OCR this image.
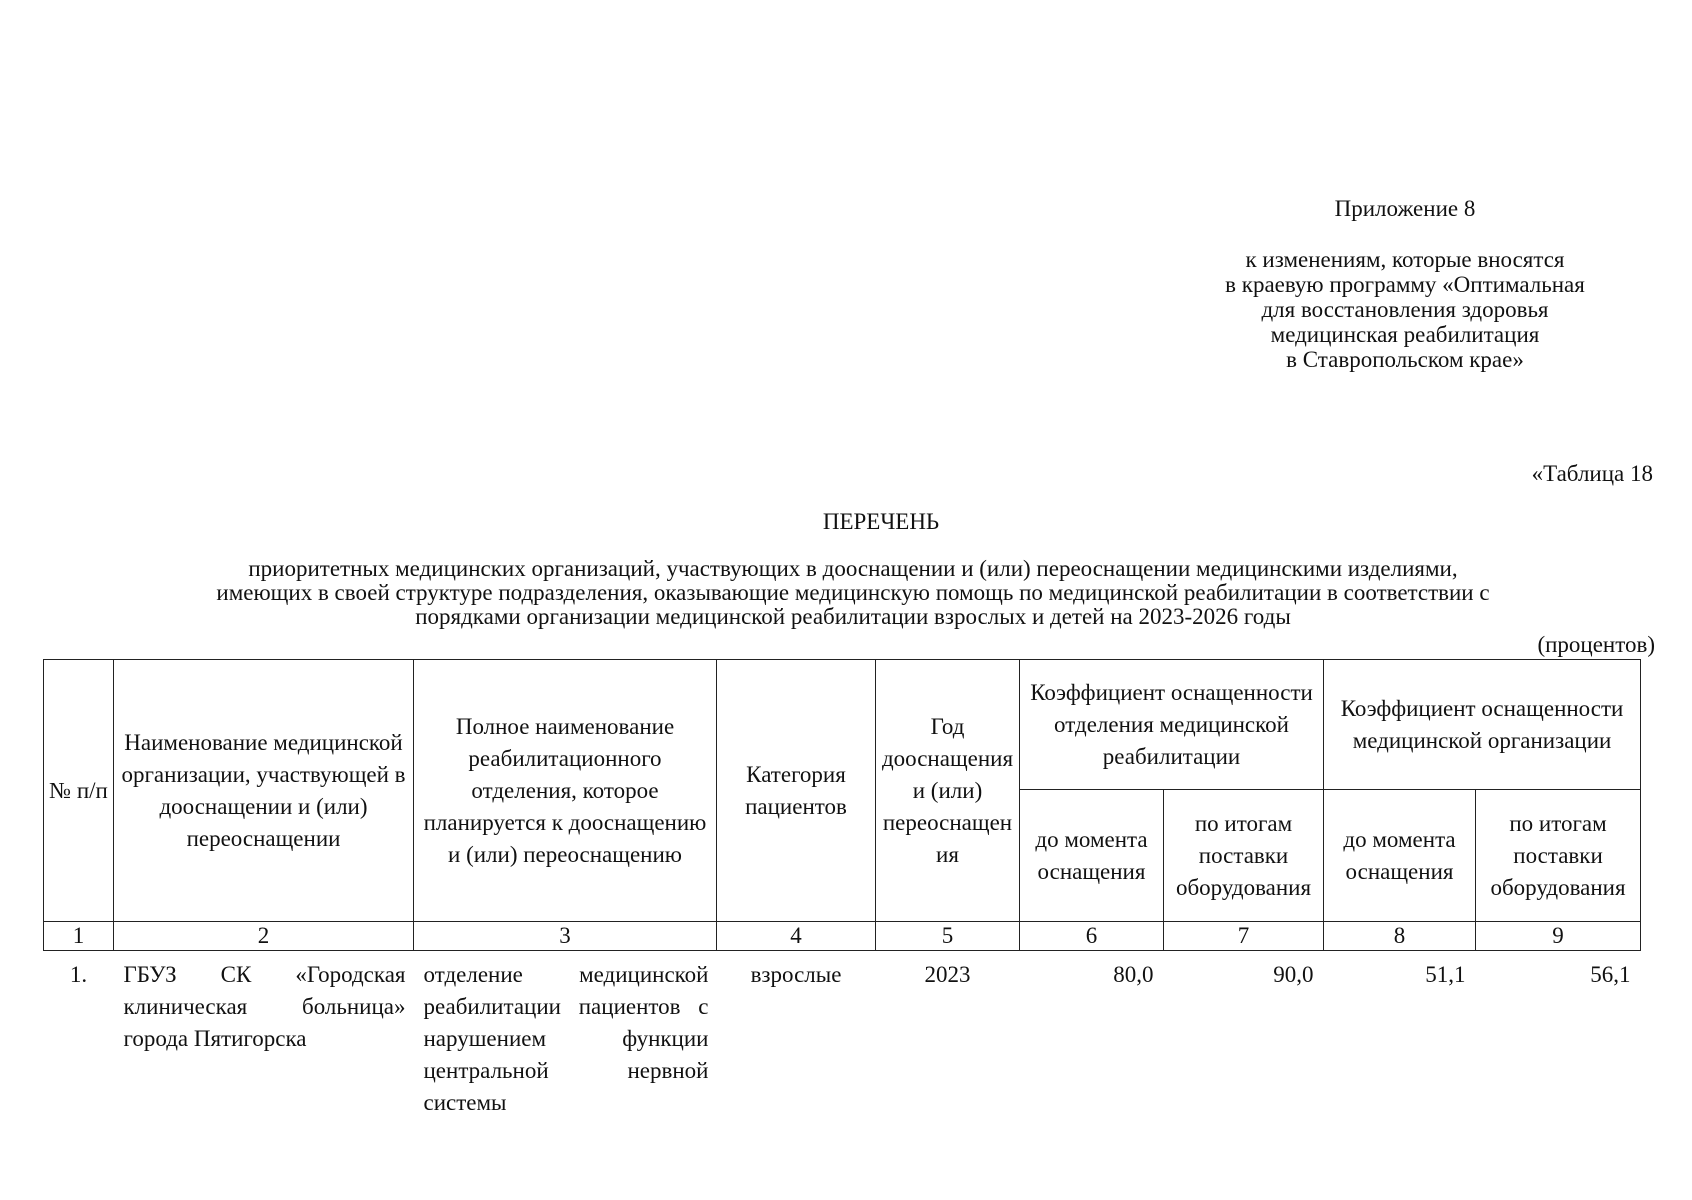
Приложение 8
к изменениям, которые вносятся
в краевую программу «Оптимальная
для восстановления здоровья
медицинская реабилитация
в Ставропольском крае»
«Таблица 18
ПЕРЕЧЕНЬ
приоритетных медицинских организаций, участвующих в дооснащении и (или) переоснащении медицинскими изделиями,
имеющих в своей структуре подразделения, оказывающие медицинскую помощь по медицинской реабилитации в соответствии с
порядками организации медицинской реабилитации взрослых и детей на 2023-2026 годы
(процентов)
№ п/п	Наименование медицинской организации, участвующей в дооснащении и (или) переоснащении	Полное наименование реабилитационного отделения, которое планируется к дооснащению и (или) переоснащению	Категория пациентов	Год дооснащения и (или) переоснащения	Коэффициент оснащенности отделения медицинской реабилитации		Коэффициент оснащенности медицинской организации	
					до момента оснащения	по итогам поставки оборудования	до момента оснащения	по итогам поставки оборудования
1	2	3	4	5	6	7	8	9
1.	ГБУЗ СК «Городская клиническая больница» города Пятигорска	отделение медицинской реабилитации пациентов с нарушением функции центральной нервной системы	взрослые	2023	80,0	90,0	51,1	56,1
